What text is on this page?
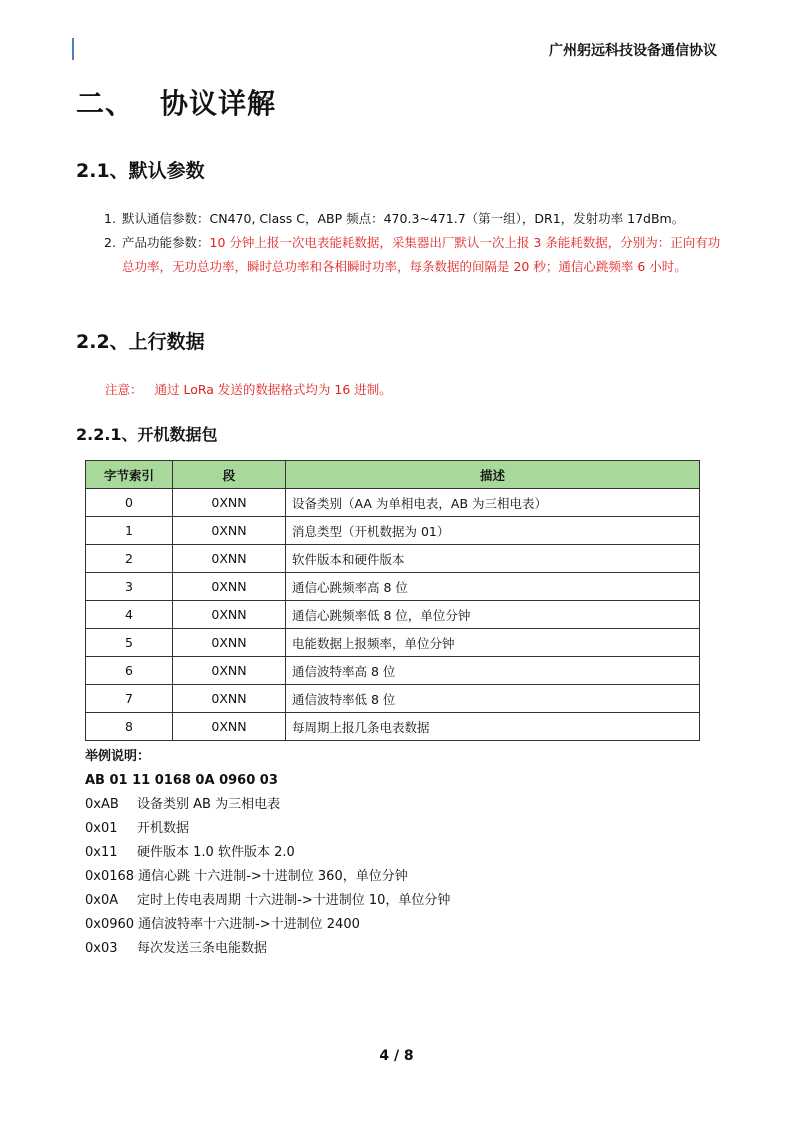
广州躬远科技设备通信协议
二、 协议详解
2.1、默认参数
1. 默认通信参数：CN470, Class C，ABP 频点：470.3~471.7（第一组），DR1，发射功率 17dBm。
2. 产品功能参数：10 分钟上报一次电表能耗数据，采集器出厂默认一次上报 3 条能耗数据，分别为：正向有功总功率，无功总功率，瞬时总功率和各相瞬时功率，每条数据的间隔是 20 秒；通信心跳频率 6 小时。
2.2、上行数据
注意： 通过 LoRa 发送的数据格式均为 16 进制。
2.2.1、开机数据包
字节索引	段	描述
0	0XNN	设备类别（AA 为单相电表，AB 为三相电表）
1	0XNN	消息类型（开机数据为 01）
2	0XNN	软件版本和硬件版本
3	0XNN	通信心跳频率高 8 位
4	0XNN	通信心跳频率低 8 位，单位分钟
5	0XNN	电能数据上报频率，单位分钟
6	0XNN	通信波特率高 8 位
7	0XNN	通信波特率低 8 位
8	0XNN	每周期上报几条电表数据
举例说明：
AB 01 11 0168 0A 0960 03
0xAB 设备类别 AB 为三相电表
0x01 开机数据
0x11 硬件版本 1.0 软件版本 2.0
0x0168 通信心跳 十六进制->十进制位 360，单位分钟
0x0A 定时上传电表周期 十六进制->十进制位 10，单位分钟
0x0960 通信波特率十六进制->十进制位 2400
0x03 每次发送三条电能数据
4 / 8
